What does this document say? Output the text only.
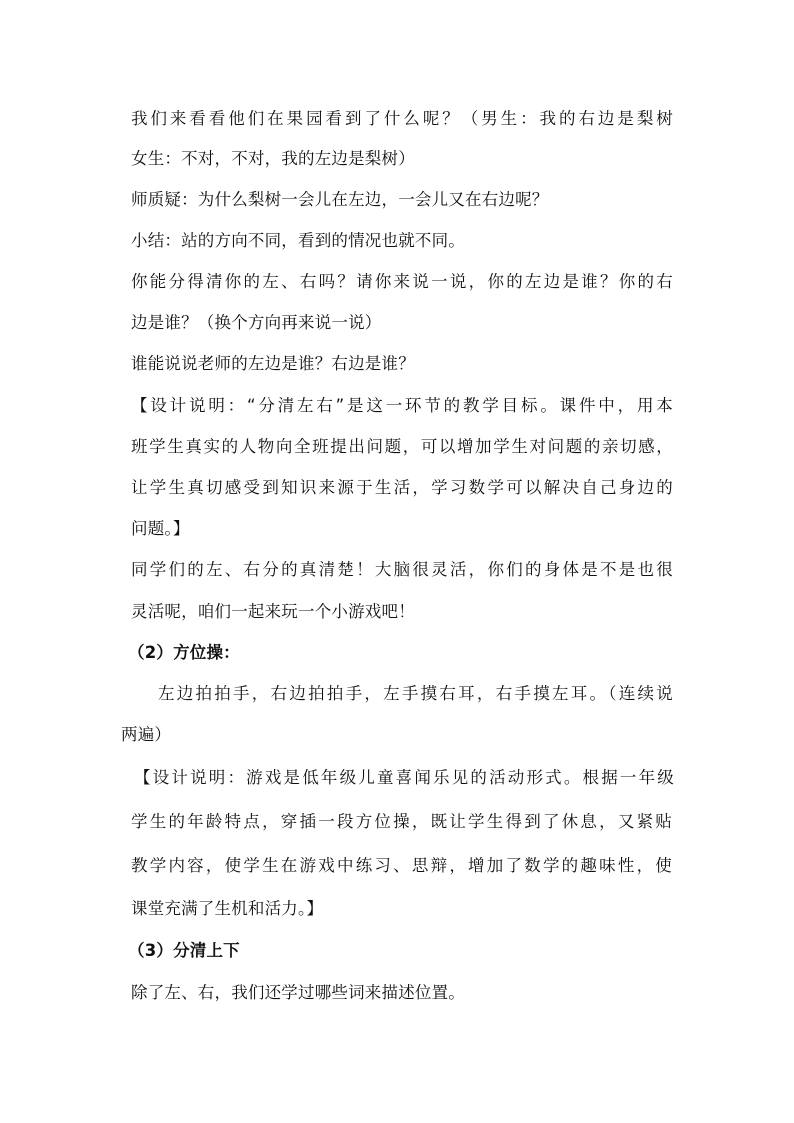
我们来看看他们在果园看到了什么呢？（男生：我的右边是梨树
女生：不对，不对，我的左边是梨树）
师质疑：为什么梨树一会儿在左边，一会儿又在右边呢？
小结：站的方向不同，看到的情况也就不同。
你能分得清你的左、右吗？请你来说一说，你的左边是谁？你的右
边是谁？（换个方向再来说一说）
谁能说说老师的左边是谁？右边是谁？
【设计说明：“分清左右”是这一环节的教学目标。课件中，用本
班学生真实的人物向全班提出问题，可以增加学生对问题的亲切感，
让学生真切感受到知识来源于生活，学习数学可以解决自己身边的
问题。】
同学们的左、右分的真清楚！大脑很灵活，你们的身体是不是也很
灵活呢，咱们一起来玩一个小游戏吧！
（2）方位操：
左边拍拍手，右边拍拍手，左手摸右耳，右手摸左耳。（连续说
两遍）
【设计说明：游戏是低年级儿童喜闻乐见的活动形式。根据一年级
学生的年龄特点，穿插一段方位操，既让学生得到了休息，又紧贴
教学内容，使学生在游戏中练习、思辩，增加了数学的趣味性，使
课堂充满了生机和活力。】
（3）分清上下
除了左、右，我们还学过哪些词来描述位置。
